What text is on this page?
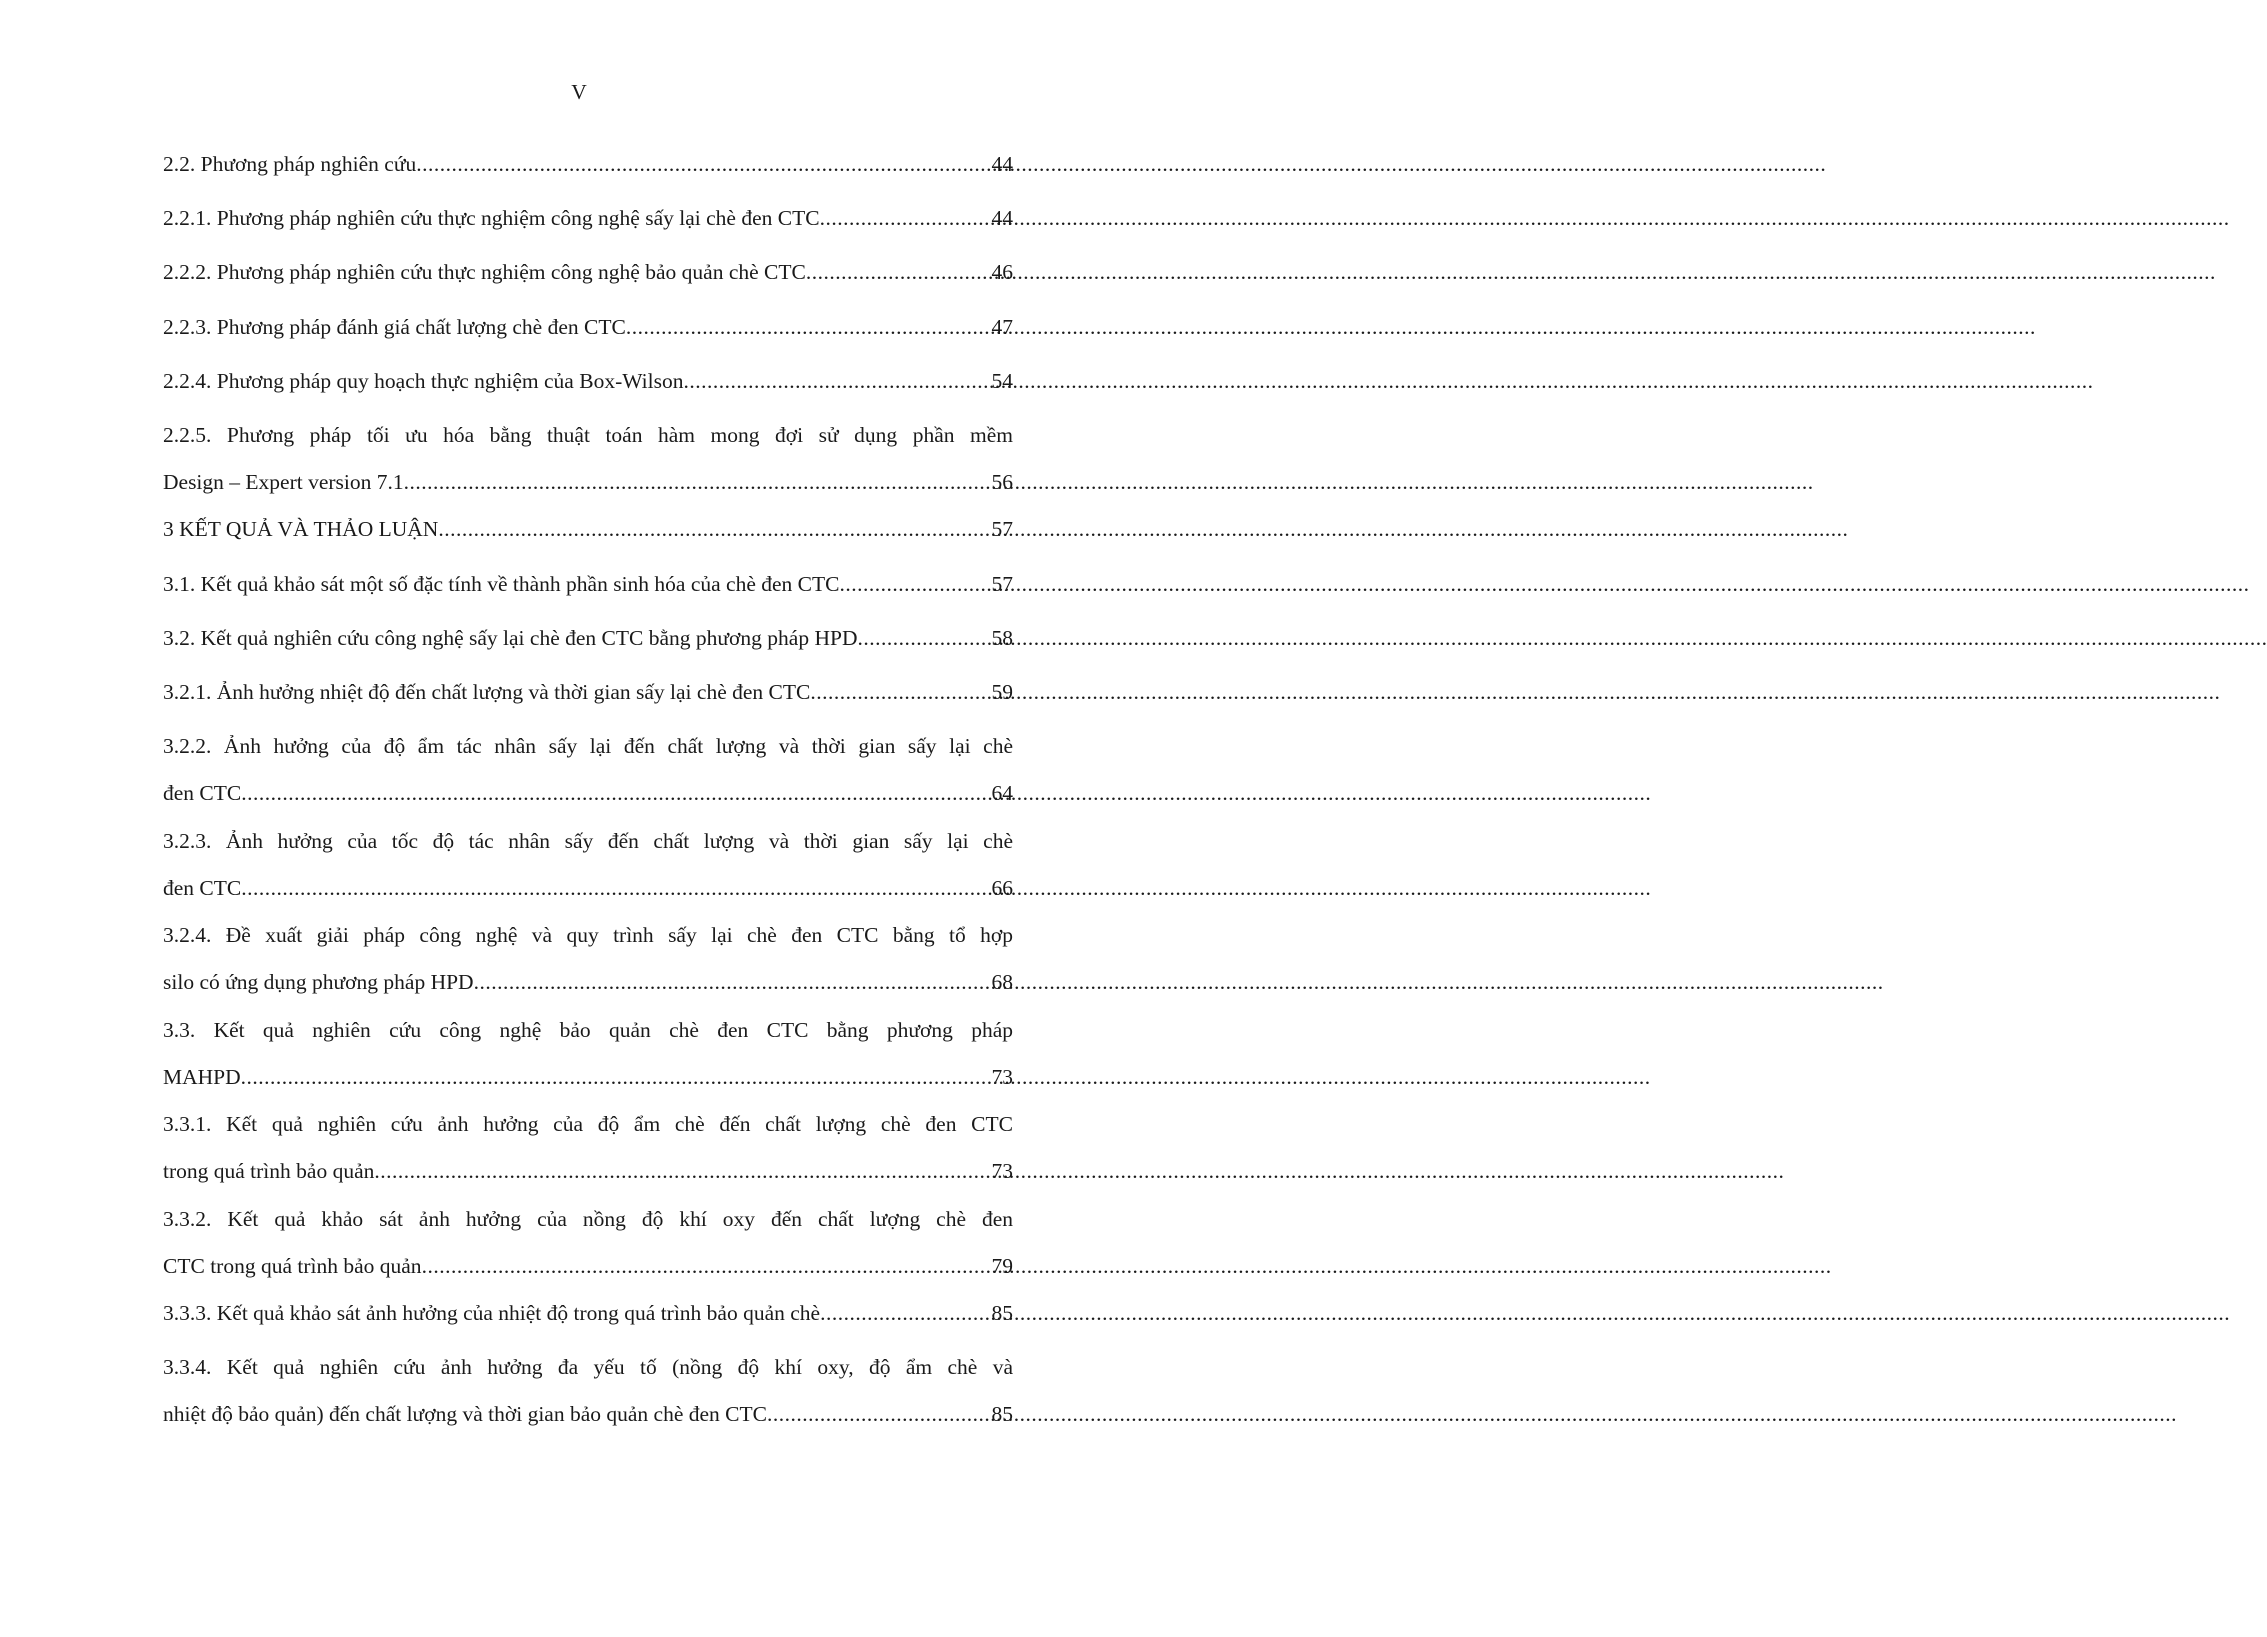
V
2.2. Phương pháp nghiên cứu .....	44
2.2.1. Phương pháp nghiên cứu thực nghiệm công nghệ sấy lại chè đen CTC .....	44
2.2.2. Phương pháp nghiên cứu thực nghiệm công nghệ bảo quản chè CTC .....	46
2.2.3. Phương pháp đánh giá chất lượng chè đen CTC .....	47
2.2.4. Phương pháp quy hoạch thực nghiệm của Box-Wilson .....	54
2.2.5. Phương pháp tối ưu hóa bằng thuật toán hàm mong đợi sử dụng phần mềm
Design – Expert version 7.1 .....	56
3 KẾT QUẢ VÀ THẢO LUẬN .....	57
3.1. Kết quả khảo sát một số đặc tính về thành phần sinh hóa của chè đen CTC .....	57
3.2. Kết quả nghiên cứu công nghệ sấy lại chè đen CTC bằng phương pháp HPD .....	58
3.2.1. Ảnh hưởng nhiệt độ đến chất lượng và thời gian sấy lại chè đen CTC .....	59
3.2.2. Ảnh hưởng của độ ẩm tác nhân sấy lại đến chất lượng và thời gian sấy lại chè
đen CTC .....	64
3.2.3. Ảnh hưởng của tốc độ tác nhân sấy đến chất lượng và thời gian sấy lại chè
đen CTC .....	66
3.2.4. Đề xuất giải pháp công nghệ và quy trình sấy lại chè đen CTC bằng tổ hợp
silo có ứng dụng phương pháp HPD .....	68
3.3. Kết quả nghiên cứu công nghệ bảo quản chè đen CTC bằng phương pháp
MAHPD .....	73
3.3.1. Kết quả nghiên cứu ảnh hưởng của độ ẩm chè đến chất lượng chè đen CTC
trong quá trình bảo quản .....	73
3.3.2. Kết quả khảo sát ảnh hưởng của nồng độ khí oxy đến chất lượng chè đen
CTC trong quá trình bảo quản .....	79
3.3.3. Kết quả khảo sát ảnh hưởng của nhiệt độ trong quá trình bảo quản chè .....	85
3.3.4. Kết quả nghiên cứu ảnh hưởng đa yếu tố (nồng độ khí oxy, độ ẩm chè và
nhiệt độ bảo quản) đến chất lượng và thời gian bảo quản chè đen CTC .....	85
